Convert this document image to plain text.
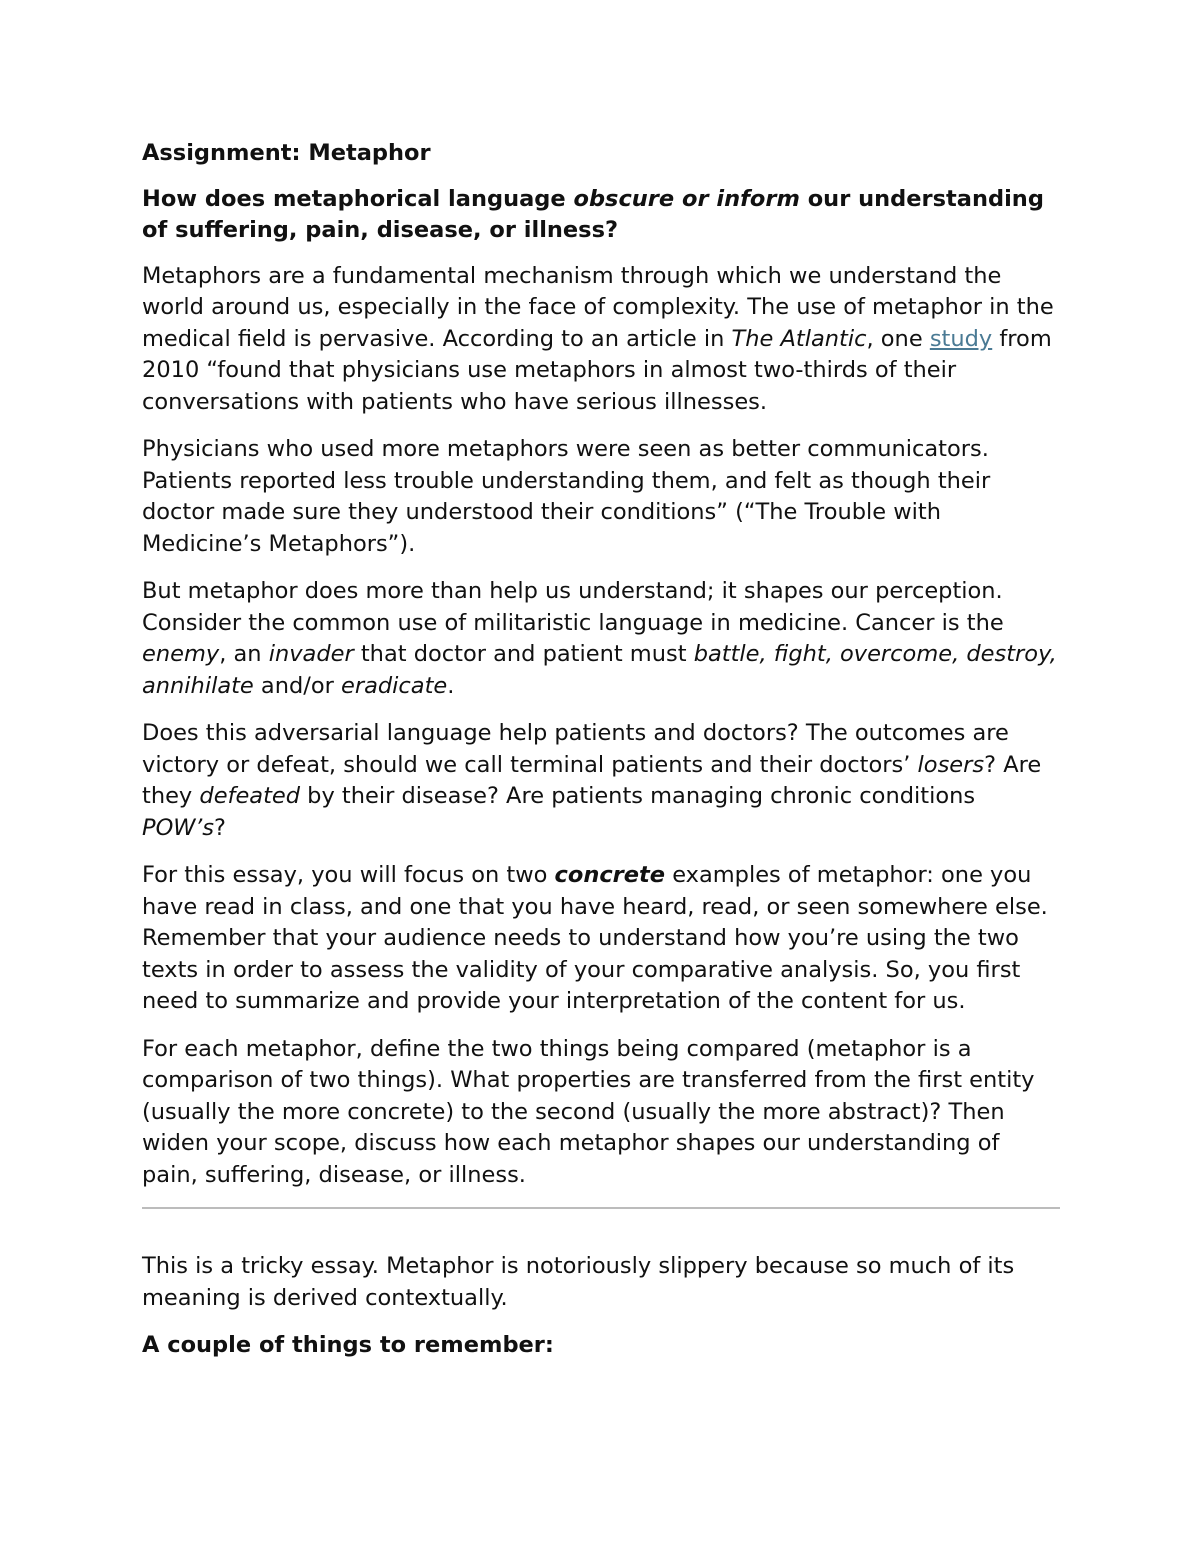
Assignment: Metaphor

How does metaphorical language obscure or inform our understanding of suffering, pain, disease, or illness?

Metaphors are a fundamental mechanism through which we understand the world around us, especially in the face of complexity. The use of metaphor in the medical field is pervasive. According to an article in The Atlantic, one study from 2010 “found that physicians use metaphors in almost two-thirds of their conversations with patients who have serious illnesses.

Physicians who used more metaphors were seen as better communicators. Patients reported less trouble understanding them, and felt as though their doctor made sure they understood their conditions” (“The Trouble with Medicine’s Metaphors”).

But metaphor does more than help us understand; it shapes our perception. Consider the common use of militaristic language in medicine. Cancer is the enemy, an invader that doctor and patient must battle, fight, overcome, destroy, annihilate and/or eradicate.

Does this adversarial language help patients and doctors? The outcomes are victory or defeat, should we call terminal patients and their doctors’ losers? Are they defeated by their disease? Are patients managing chronic conditions POW’s?

For this essay, you will focus on two concrete examples of metaphor: one you have read in class, and one that you have heard, read, or seen somewhere else. Remember that your audience needs to understand how you’re using the two texts in order to assess the validity of your comparative analysis. So, you first need to summarize and provide your interpretation of the content for us.

For each metaphor, define the two things being compared (metaphor is a comparison of two things). What properties are transferred from the first entity (usually the more concrete) to the second (usually the more abstract)? Then widen your scope, discuss how each metaphor shapes our understanding of pain, suffering, disease, or illness.

This is a tricky essay. Metaphor is notoriously slippery because so much of its meaning is derived contextually.

A couple of things to remember:
